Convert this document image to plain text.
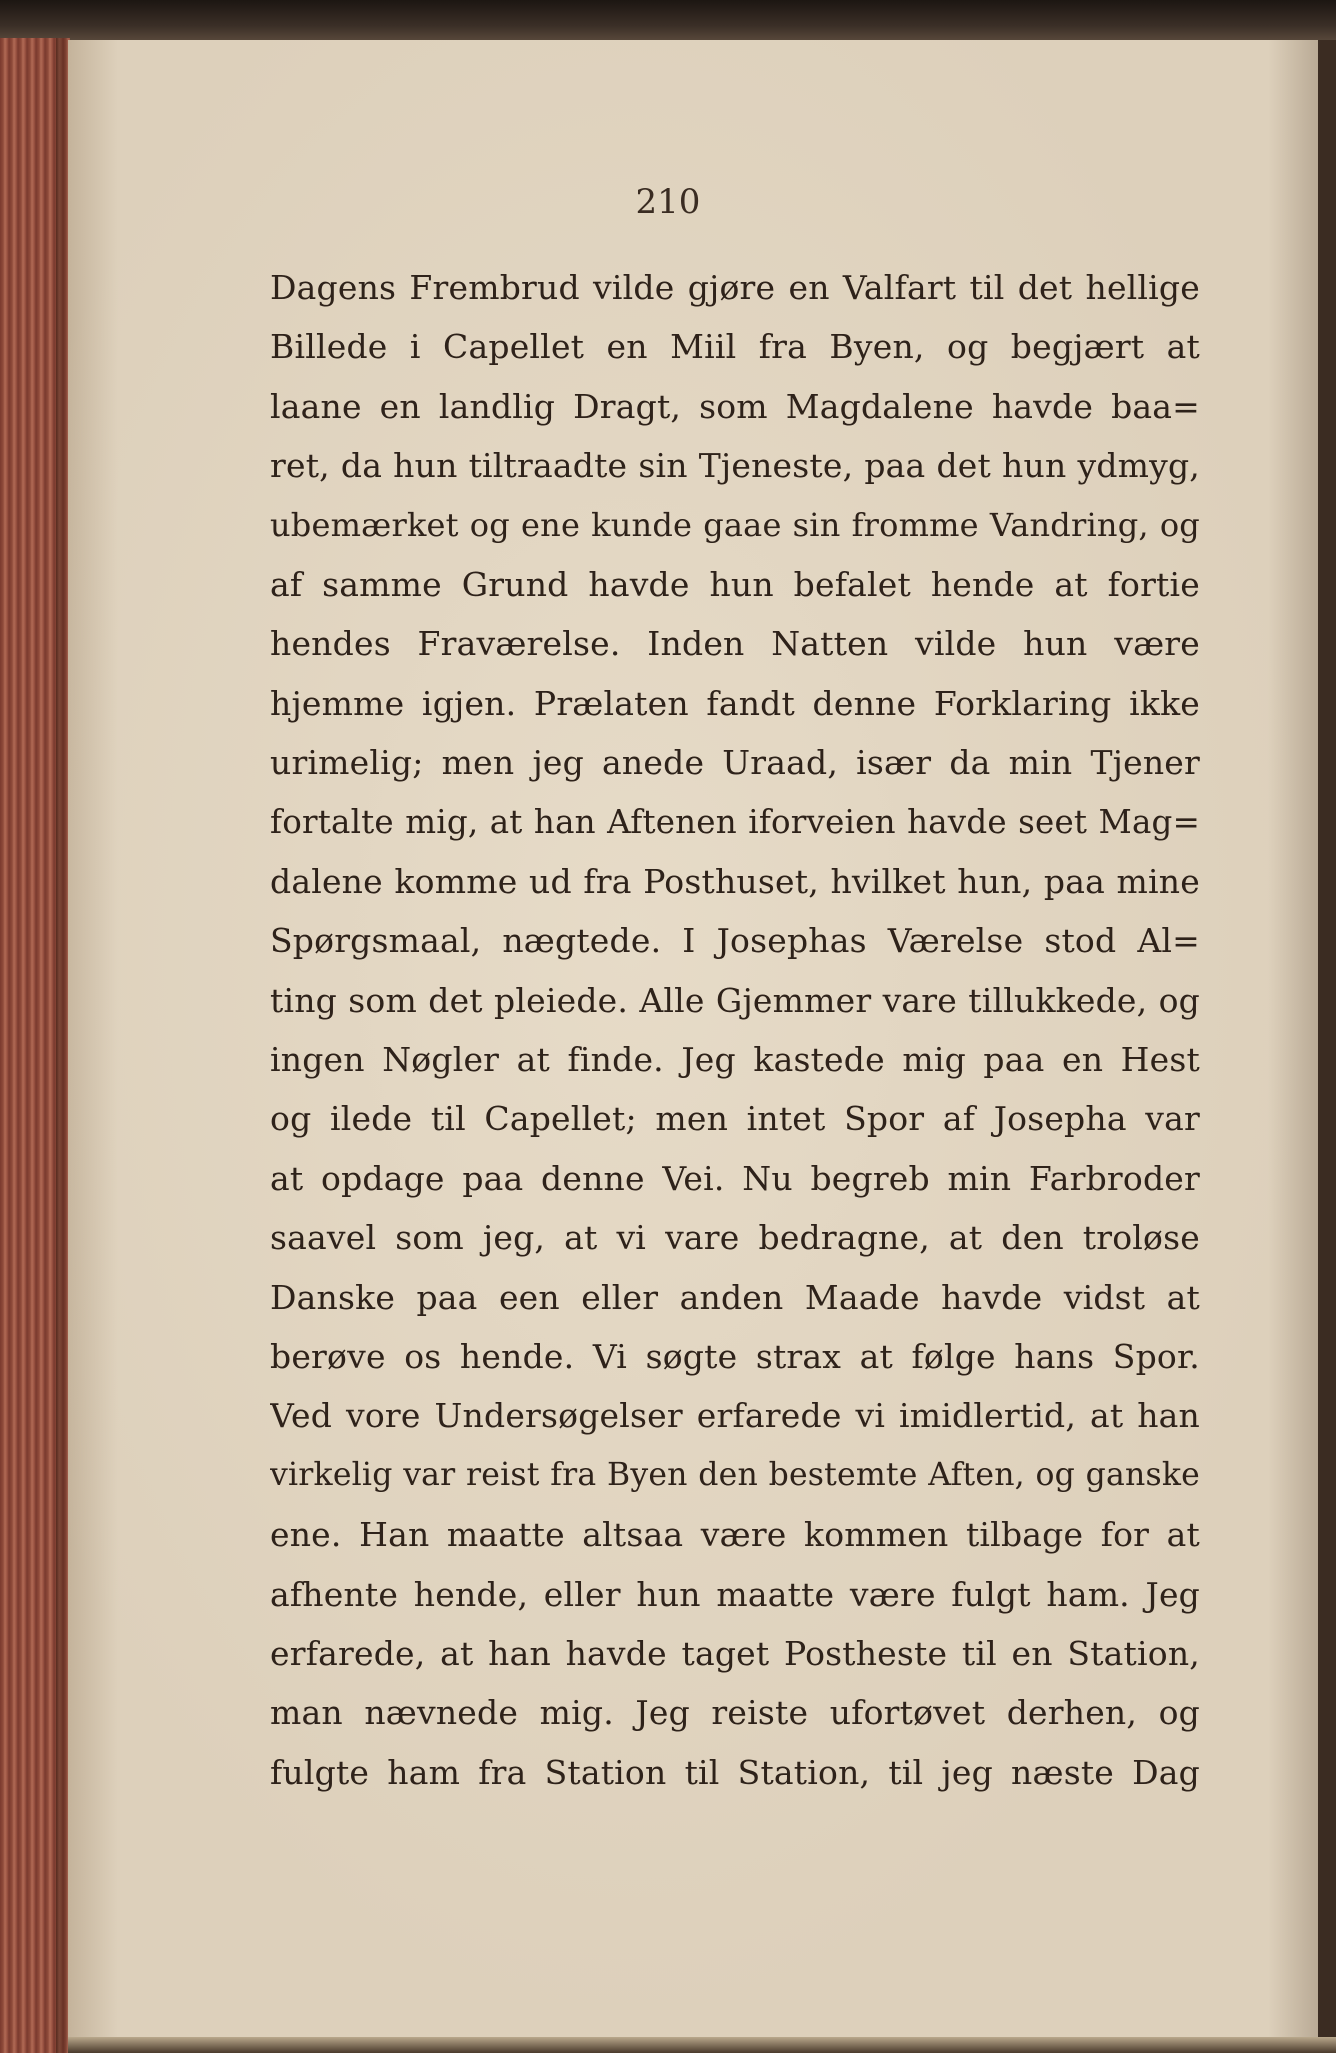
210

Dagens Frembrud vilde gjøre en Valfart til det hellige
Billede i Capellet en Miil fra Byen, og begjært at
laane en landlig Dragt, som Magdalene havde baa=
ret, da hun tiltraadte sin Tjeneste, paa det hun ydmyg,
ubemærket og ene kunde gaae sin fromme Vandring, og
af samme Grund havde hun befalet hende at fortie
hendes Fraværelse. Inden Natten vilde hun være
hjemme igjen. Prælaten fandt denne Forklaring ikke
urimelig; men jeg anede Uraad, især da min Tjener
fortalte mig, at han Aftenen iforveien havde seet Mag=
dalene komme ud fra Posthuset, hvilket hun, paa mine
Spørgsmaal, nægtede. I Josephas Værelse stod Al=
ting som det pleiede. Alle Gjemmer vare tillukkede, og
ingen Nøgler at finde. Jeg kastede mig paa en Hest
og ilede til Capellet; men intet Spor af Josepha var
at opdage paa denne Vei. Nu begreb min Farbroder
saavel som jeg, at vi vare bedragne, at den troløse
Danske paa een eller anden Maade havde vidst at
berøve os hende. Vi søgte strax at følge hans Spor.
Ved vore Undersøgelser erfarede vi imidlertid, at han
virkelig var reist fra Byen den bestemte Aften, og ganske
ene. Han maatte altsaa være kommen tilbage for at
afhente hende, eller hun maatte være fulgt ham. Jeg
erfarede, at han havde taget Postheste til en Station,
man nævnede mig. Jeg reiste ufortøvet derhen, og
fulgte ham fra Station til Station, til jeg næste Dag
